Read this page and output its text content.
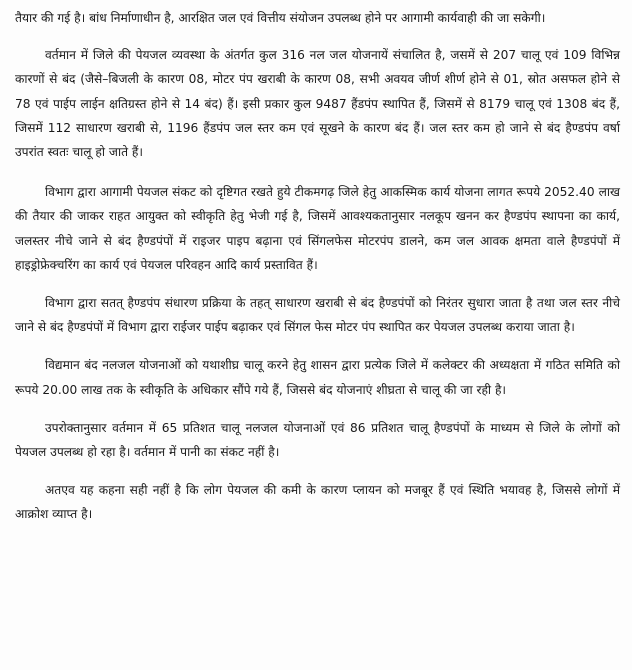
तैयार की गई है। बांध निर्माणाधीन है, आरक्षित जल एवं वित्तीय संयोजन उपलब्ध होने पर आगामी कार्यवाही की जा सकेगी।

वर्तमान में जिले की पेयजल व्यवस्था के अंतर्गत कुल 316 नल जल योजनायें संचालित है, जसमें से 207 चालू एवं 109 विभिन्न कारणों से बंद (जैसे–बिजली के कारण 08, मोटर पंप खराबी के कारण 08, सभी अवयव जीर्ण शीर्ण होने से 01, स्रोत असफल होने से 78 एवं पाईप लाईन क्षतिग्रस्त होने से 14 बंद) हैं। इसी प्रकार कुल 9487 हैंडपंप स्थापित हैं, जिसमें से 8179 चालू एवं 1308 बंद हैं, जिसमें 112 साधारण खराबी से, 1196 हैंडपंप जल स्तर कम एवं सूखने के कारण बंद हैं। जल स्तर कम हो जाने से बंद हैण्डपंप वर्षा उपरांत स्वतः चालू हो जाते हैं।

विभाग द्वारा आगामी पेयजल संकट को दृष्टिगत रखते हुये टीकमगढ़ जिले हेतु आकस्मिक कार्य योजना लागत रूपये 2052.40 लाख की तैयार की जाकर राहत आयुक्त को स्वीकृति हेतु भेजी गई है, जिसमें आवश्यकतानुसार नलकूप खनन कर हैण्डपंप स्थापना का कार्य, जलस्तर नीचे जाने से बंद हैण्डपंपों में राइजर पाइप बढ़ाना एवं सिंगलफेस मोटरपंप डालने, कम जल आवक क्षमता वाले हैण्डपंपों में हाइड्रोफ्रेक्चरिंग का कार्य एवं पेयजल परिवहन आदि कार्य प्रस्तावित हैं।

विभाग द्वारा सतत् हैण्डपंप संधारण प्रक्रिया के तहत् साधारण खराबी से बंद हैण्डपंपों को निरंतर सुधारा जाता है तथा जल स्तर नीचे जाने से बंद हैण्डपंपों में विभाग द्वारा राईजर पाईप बढ़ाकर एवं सिंगल फेस मोटर पंप स्थापित कर पेयजल उपलब्ध कराया जाता है।

विद्यमान बंद नलजल योजनाओं को यथाशीघ्र चालू करने हेतु शासन द्वारा प्रत्येक जिले में कलेक्टर की अध्यक्षता में गठित समिति को रूपये 20.00 लाख तक के स्वीकृति के अधिकार सौंपे गये हैं, जिससे बंद योजनाएं शीघ्रता से चालू की जा रही है।

उपरोक्तानुसार वर्तमान में 65 प्रतिशत चालू नलजल योजनाओं एवं 86 प्रतिशत चालू हैण्डपंपों के माध्यम से जिले के लोगों को पेयजल उपलब्ध हो रहा है। वर्तमान में पानी का संकट नहीं है।

अतएव यह कहना सही नहीं है कि लोग पेयजल की कमी के कारण प्लायन को मजबूर हैं एवं स्थिति भयावह है, जिससे लोगों में आक्रोश व्याप्त है।
